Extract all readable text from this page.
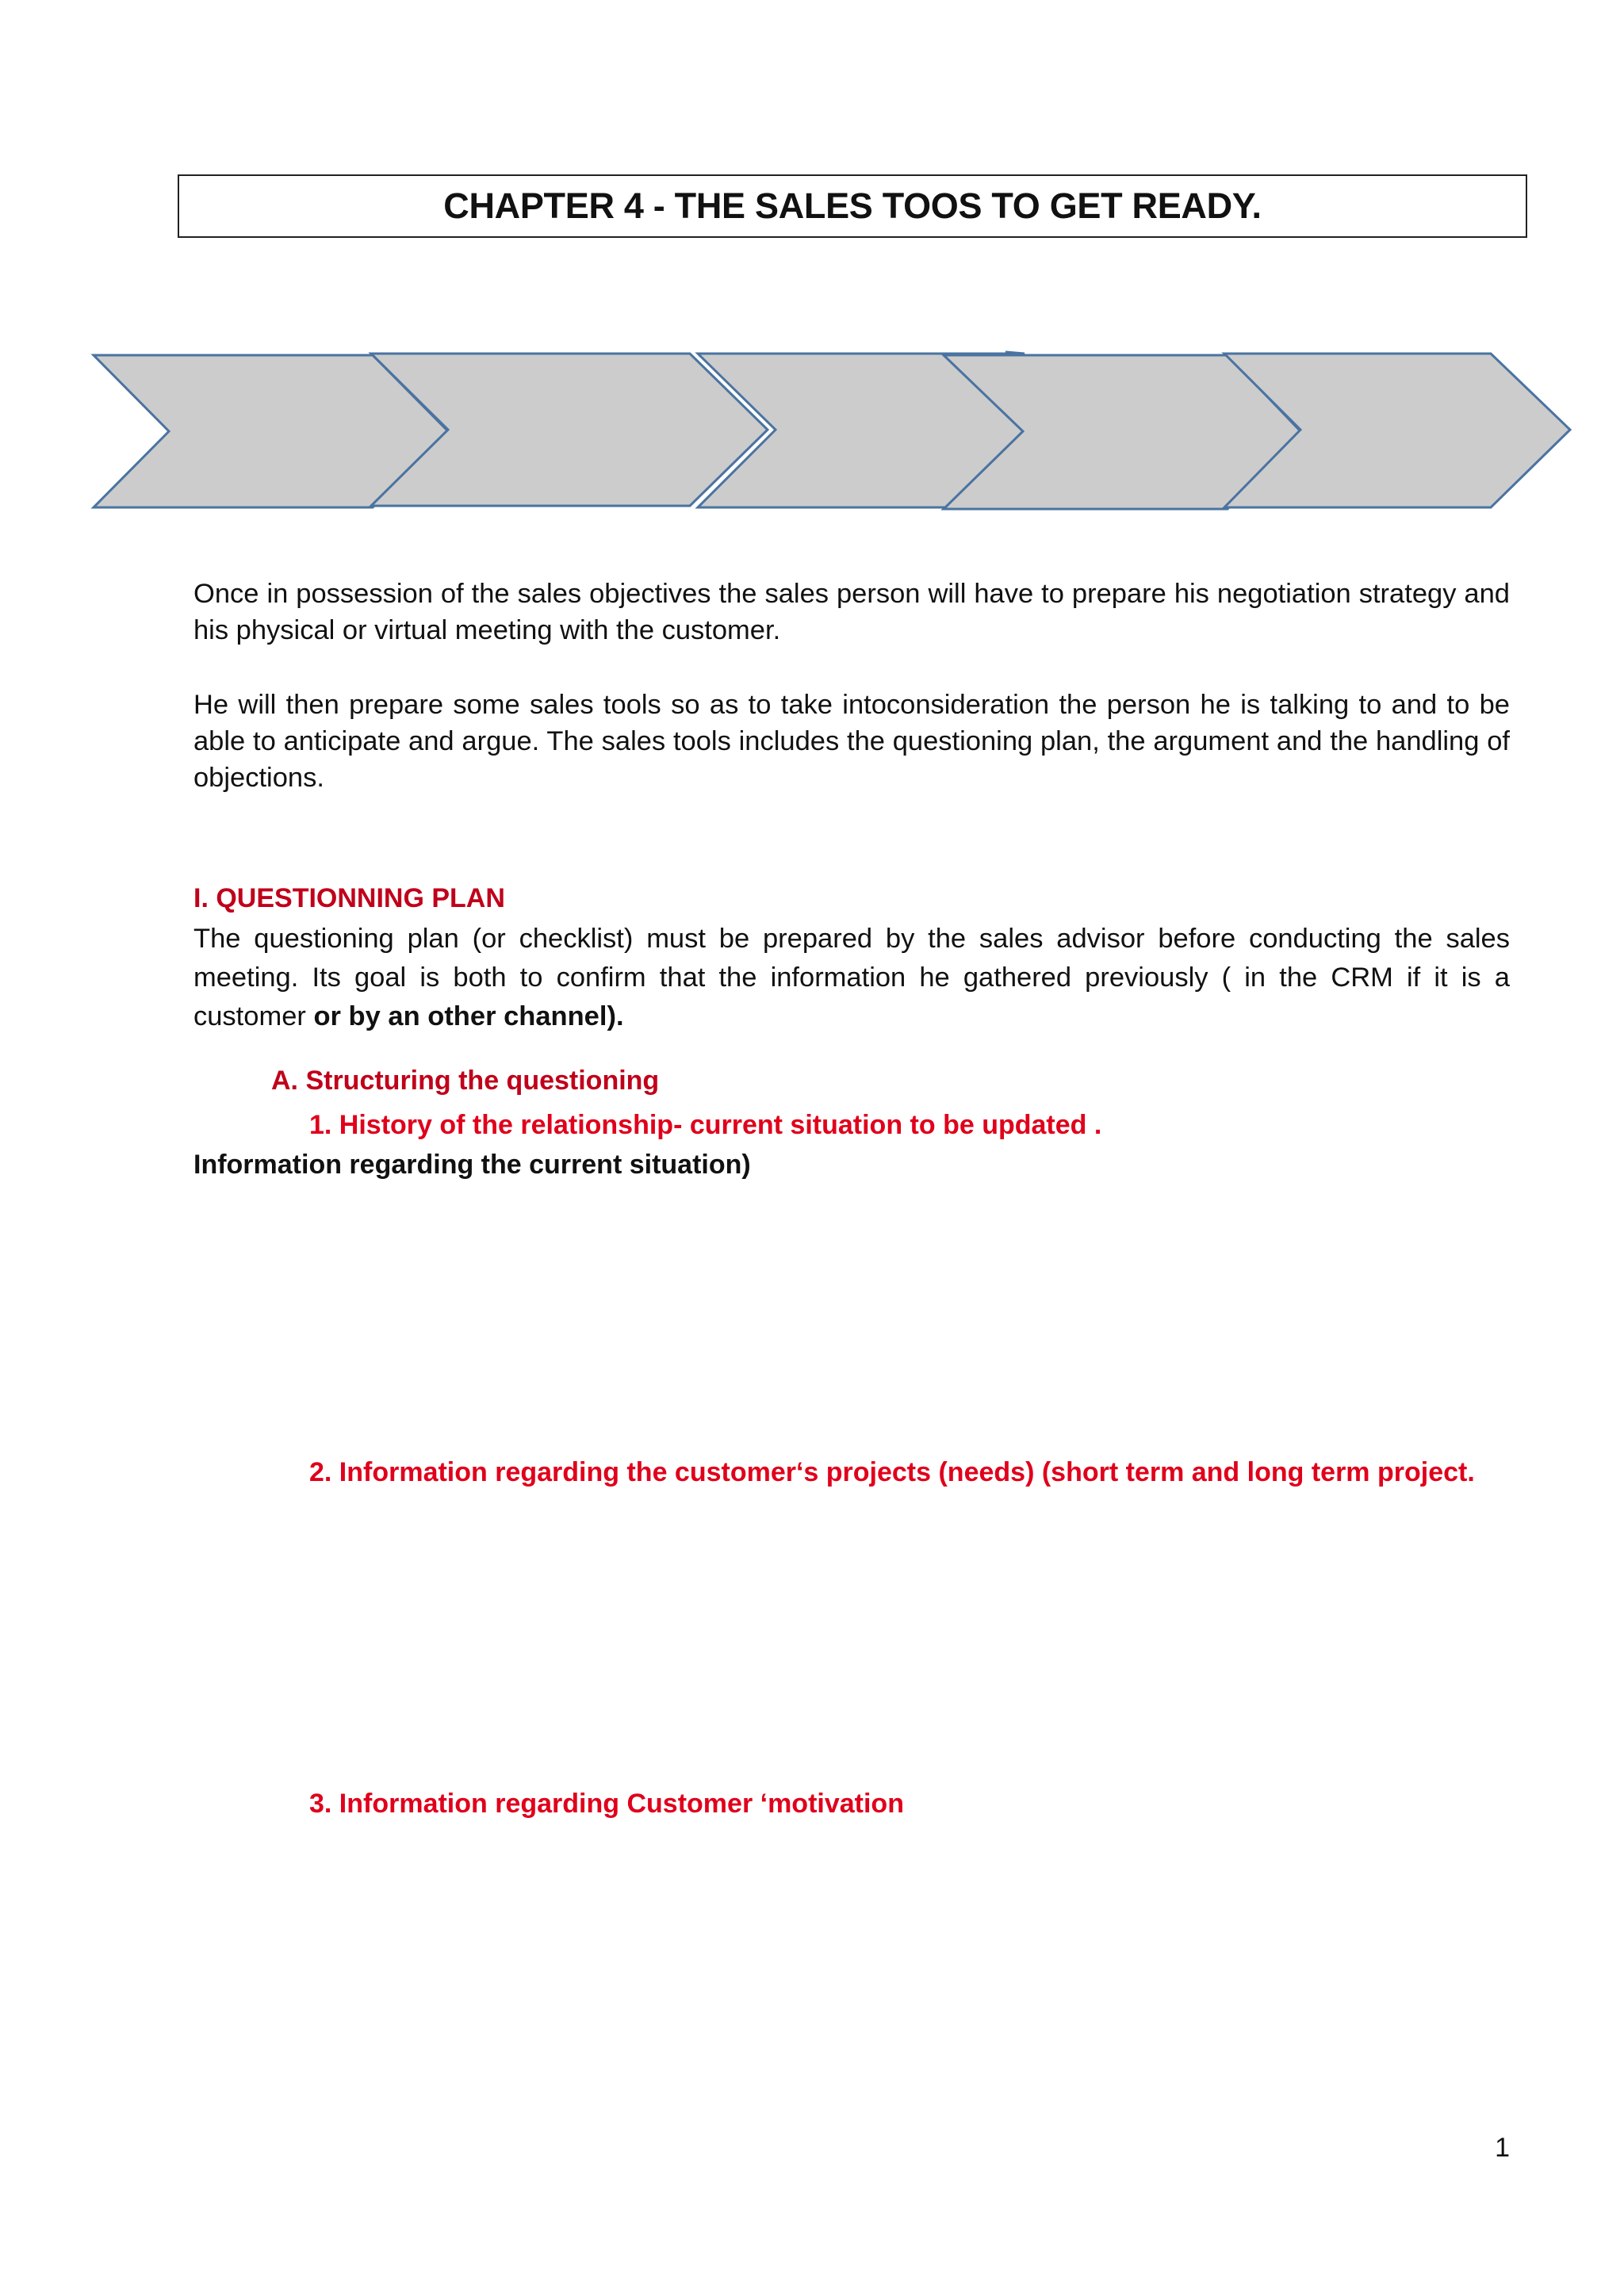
CHAPTER 4 - THE SALES TOOS TO GET READY.
Once in possession of the sales objectives the sales person will have to prepare his negotiation strategy and his physical or virtual meeting with the customer.
He will then prepare some sales tools so as to take intoconsideration the person he is talking to and to be able to anticipate and argue. The sales tools includes the questioning plan, the argument and the handling of objections.
I. QUESTIONNING PLAN
The questioning plan (or checklist) must be prepared by the sales advisor before conducting the sales meeting. Its goal is both to confirm that the information he gathered previously ( in the CRM if it is a customer or by an other channel).
A. Structuring the questioning
1. History of the relationship- current situation to be updated .
Information regarding the current situation)
2. Information regarding the customer‘s projects (needs) (short term and long term project.
3. Information regarding Customer ‘motivation
1
